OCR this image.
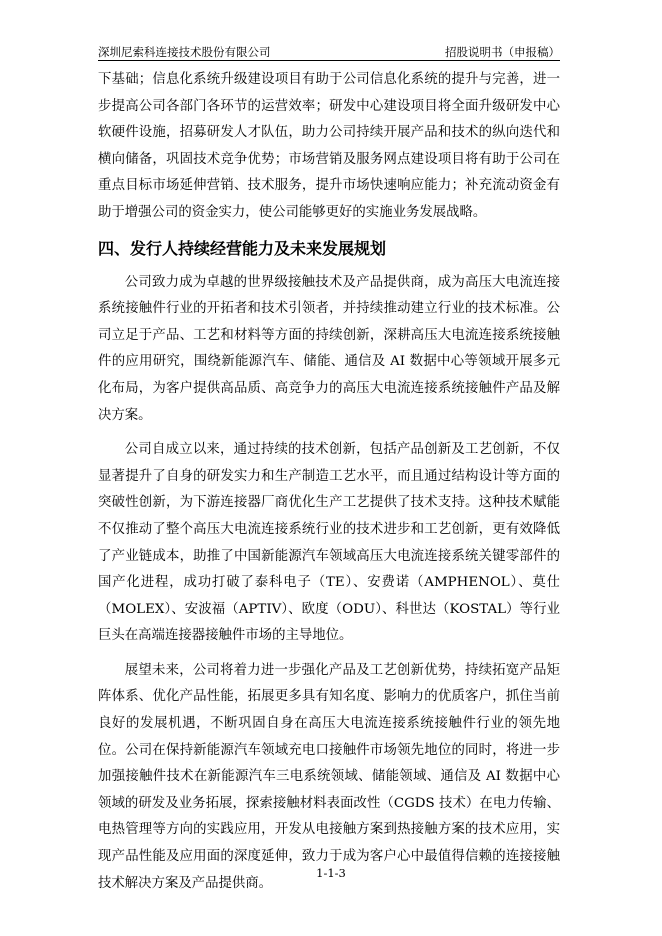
深圳尼索科连接技术股份有限公司	招股说明书（申报稿）

下基础；信息化系统升级建设项目有助于公司信息化系统的提升与完善，进一步提高公司各部门各环节的运营效率；研发中心建设项目将全面升级研发中心软硬件设施，招募研发人才队伍，助力公司持续开展产品和技术的纵向迭代和横向储备，巩固技术竞争优势；市场营销及服务网点建设项目将有助于公司在重点目标市场延伸营销、技术服务，提升市场快速响应能力；补充流动资金有助于增强公司的资金实力，使公司能够更好的实施业务发展战略。

四、发行人持续经营能力及未来发展规划

公司致力成为卓越的世界级接触技术及产品提供商，成为高压大电流连接系统接触件行业的开拓者和技术引领者，并持续推动建立行业的技术标准。公司立足于产品、工艺和材料等方面的持续创新，深耕高压大电流连接系统接触件的应用研究，围绕新能源汽车、储能、通信及 AI 数据中心等领域开展多元化布局，为客户提供高品质、高竞争力的高压大电流连接系统接触件产品及解决方案。

公司自成立以来，通过持续的技术创新，包括产品创新及工艺创新，不仅显著提升了自身的研发实力和生产制造工艺水平，而且通过结构设计等方面的突破性创新，为下游连接器厂商优化生产工艺提供了技术支持。这种技术赋能不仅推动了整个高压大电流连接系统行业的技术进步和工艺创新，更有效降低了产业链成本，助推了中国新能源汽车领域高压大电流连接系统关键零部件的国产化进程，成功打破了泰科电子（TE）、安费诺（AMPHENOL）、莫仕（MOLEX）、安波福（APTIV）、欧度（ODU）、科世达（KOSTAL）等行业巨头在高端连接器接触件市场的主导地位。

展望未来，公司将着力进一步强化产品及工艺创新优势，持续拓宽产品矩阵体系、优化产品性能，拓展更多具有知名度、影响力的优质客户，抓住当前良好的发展机遇，不断巩固自身在高压大电流连接系统接触件行业的领先地位。公司在保持新能源汽车领域充电口接触件市场领先地位的同时，将进一步加强接触件技术在新能源汽车三电系统领域、储能领域、通信及 AI 数据中心领域的研发及业务拓展，探索接触材料表面改性（CGDS 技术）在电力传输、电热管理等方向的实践应用，开发从电接触方案到热接触方案的技术应用，实现产品性能及应用面的深度延伸，致力于成为客户心中最值得信赖的连接接触技术解决方案及产品提供商。

1-1-3
